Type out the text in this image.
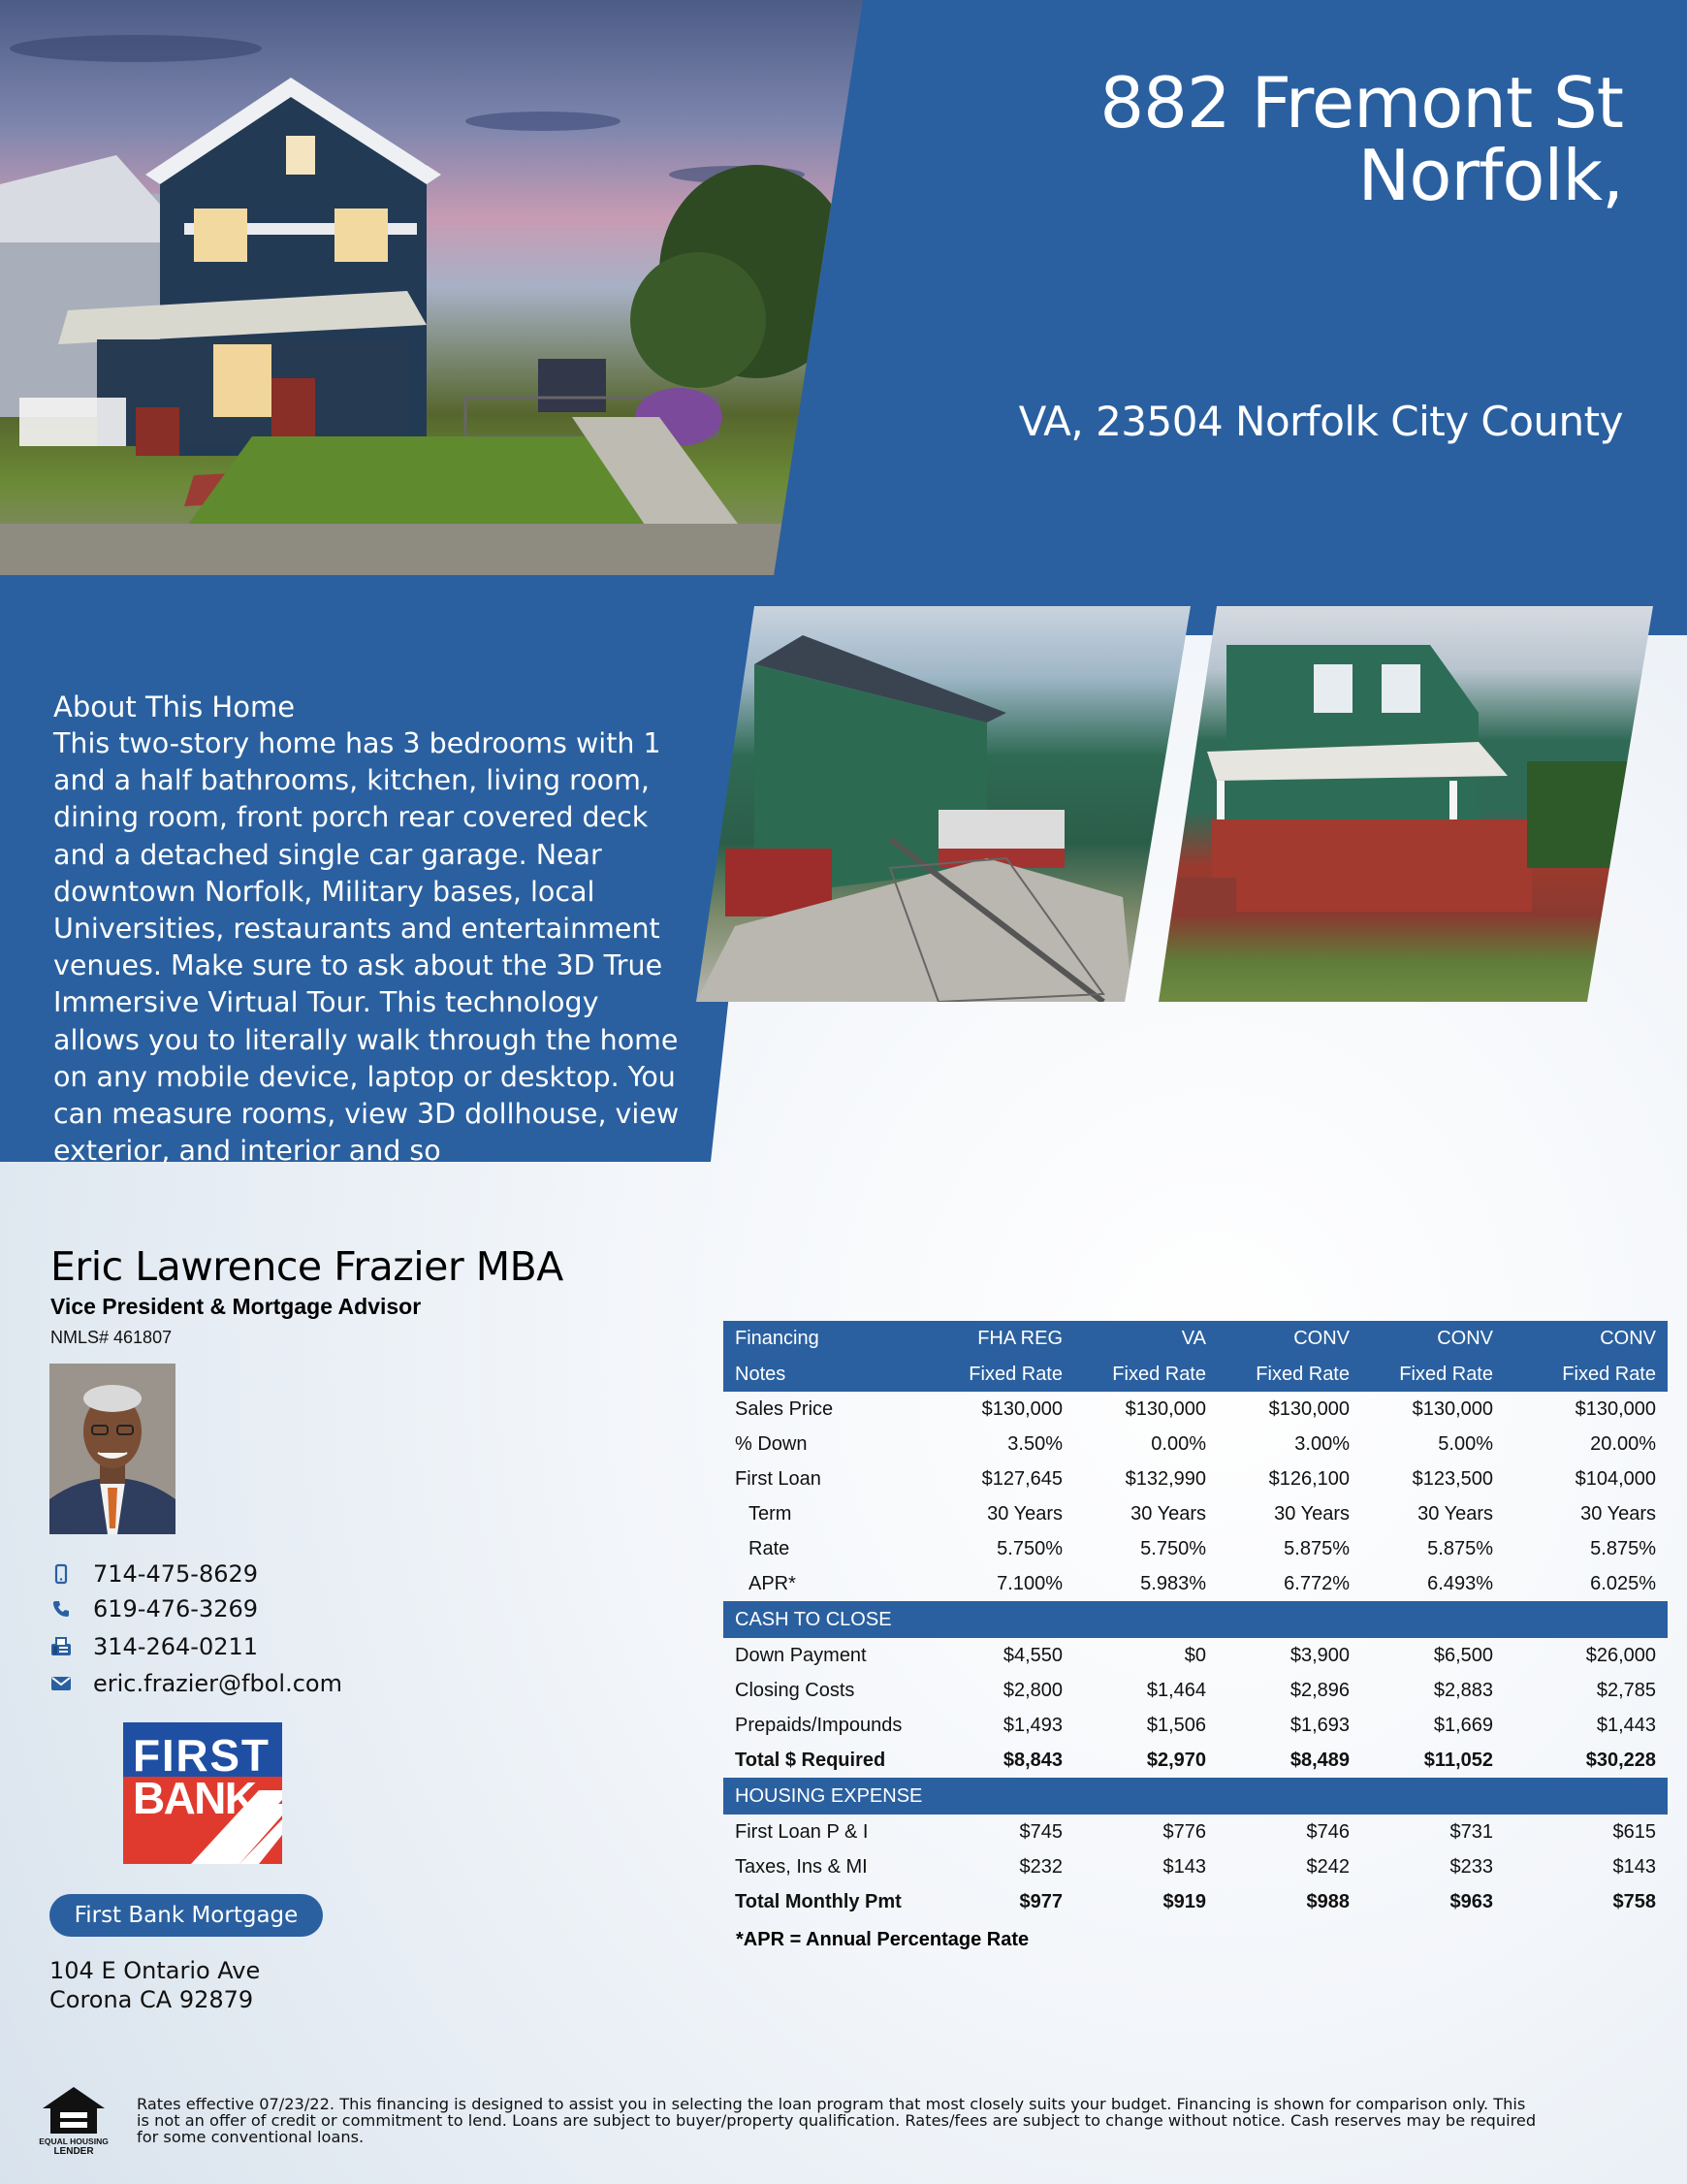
882 Fremont St
Norfolk,
VA, 23504 Norfolk City County
About This Home
This two-story home has 3 bedrooms with 1 and a half bathrooms, kitchen, living room, dining room, front porch rear covered deck and a detached single car garage. Near downtown Norfolk, Military bases, local Universities, restaurants and entertainment venues. Make sure to ask about the 3D True Immersive Virtual Tour. This technology allows you to literally walk through the home on any mobile device, laptop or desktop. You can measure rooms, view 3D dollhouse, view exterior, and interior and so
Eric Lawrence Frazier MBA
Vice President & Mortgage Advisor
NMLS# 461807
714-475-8629
619-476-3269
314-264-0211
eric.frazier@fbol.com
FIRST
BANK
First Bank Mortgage
104 E Ontario Ave
Corona CA 92879
Financing	FHA REG	VA	CONV	CONV	CONV
Notes	Fixed Rate	Fixed Rate	Fixed Rate	Fixed Rate	Fixed Rate
Sales Price	$130,000	$130,000	$130,000	$130,000	$130,000
% Down	3.50%	0.00%	3.00%	5.00%	20.00%
First Loan	$127,645	$132,990	$126,100	$123,500	$104,000
Term	30 Years	30 Years	30 Years	30 Years	30 Years
Rate	5.750%	5.750%	5.875%	5.875%	5.875%
APR*	7.100%	5.983%	6.772%	6.493%	6.025%
CASH TO CLOSE					
Down Payment	$4,550	$0	$3,900	$6,500	$26,000
Closing Costs	$2,800	$1,464	$2,896	$2,883	$2,785
Prepaids/Impounds	$1,493	$1,506	$1,693	$1,669	$1,443
Total $ Required	$8,843	$2,970	$8,489	$11,052	$30,228
HOUSING EXPENSE					
First Loan P & I	$745	$776	$746	$731	$615
Taxes, Ins & MI	$232	$143	$242	$233	$143
Total Monthly Pmt	$977	$919	$988	$963	$758
*APR = Annual Percentage Rate
EQUAL HOUSING
LENDER
Rates effective 07/23/22. This financing is designed to assist you in selecting the loan program that most closely suits your budget. Financing is shown for comparison only. This is not an offer of credit or commitment to lend. Loans are subject to buyer/property qualification. Rates/fees are subject to change without notice. Cash reserves may be required for some conventional loans.
